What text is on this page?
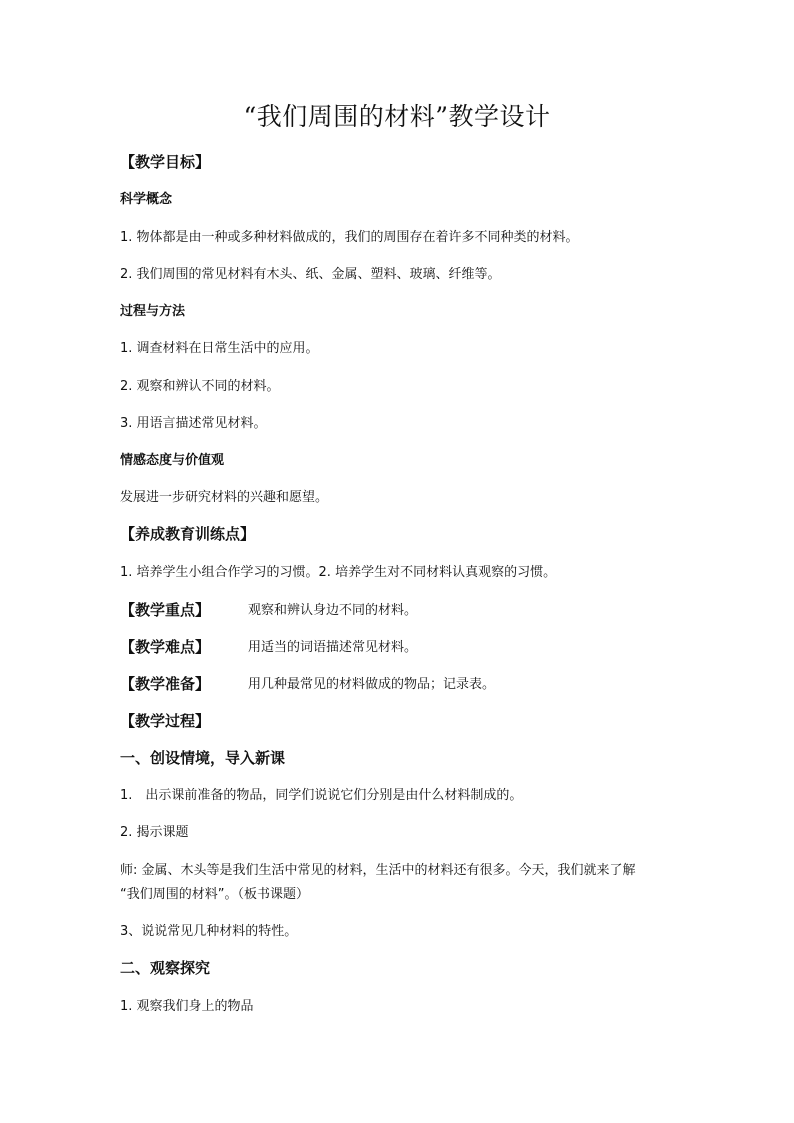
“我们周围的材料”教学设计
【教学目标】
科学概念
1. 物体都是由一种或多种材料做成的，我们的周围存在着许多不同种类的材料。
2. 我们周围的常见材料有木头、纸、金属、塑料、玻璃、纤维等。
过程与方法
1. 调查材料在日常生活中的应用。
2. 观察和辨认不同的材料。
3. 用语言描述常见材料。
情感态度与价值观
发展进一步研究材料的兴趣和愿望。
【养成教育训练点】
1. 培养学生小组合作学习的习惯。2. 培养学生对不同材料认真观察的习惯。
【教学重点】	观察和辨认身边不同的材料。
【教学难点】	用适当的词语描述常见材料。
【教学准备】	用几种最常见的材料做成的物品；记录表。
【教学过程】
一、创设情境，导入新课
1.　出示课前准备的物品，同学们说说它们分别是由什么材料制成的。
2. 揭示课题
师: 金属、木头等是我们生活中常见的材料，生活中的材料还有很多。今天，我们就来了解
“我们周围的材料”。（板书课题）
3、说说常见几种材料的特性。
二、观察探究
1. 观察我们身上的物品
